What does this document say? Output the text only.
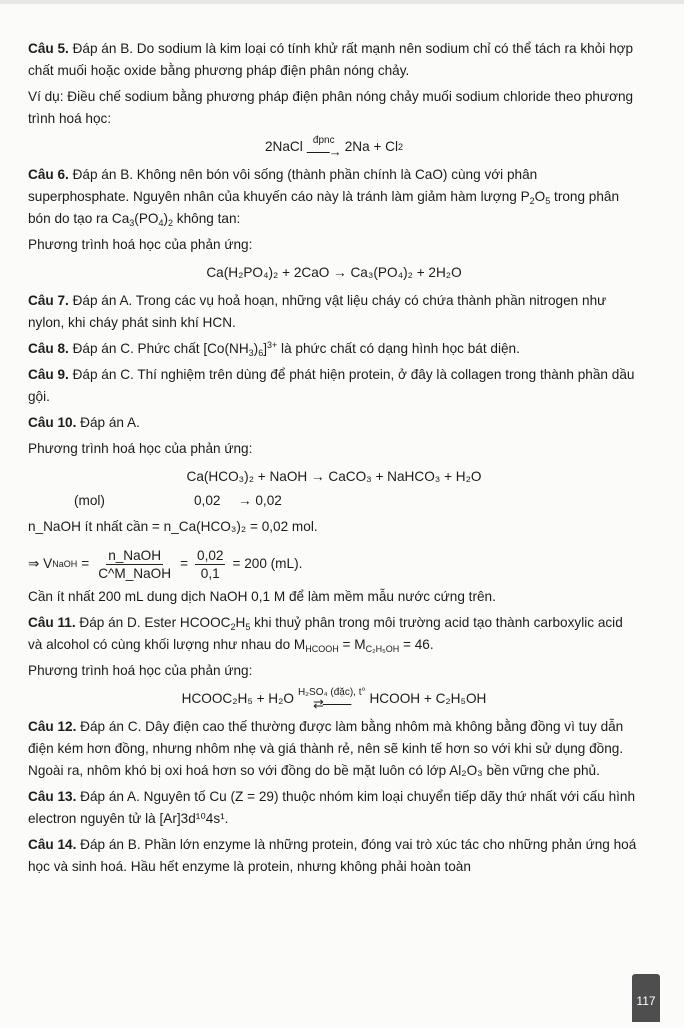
Câu 5. Đáp án B. Do sodium là kim loại có tính khử rất mạnh nên sodium chỉ có thể tách ra khỏi hợp chất muối hoặc oxide bằng phương pháp điện phân nóng chảy.

Ví dụ: Điều chế sodium bằng phương pháp điện phân nóng chảy muối sodium chloride theo phương trình hoá học:

2NaCl đpnc
⎯⎯⎯⎯→ 2Na + Cl 2

Câu 6. Đáp án B. Không nên bón vôi sống (thành phần chính là CaO) cùng với phân superphosphate. Nguyên nhân của khuyến cáo này là tránh làm giảm hàm lượng $P_2O_5$ trong phân bón do tạo ra $Ca_3(PO_4)_2$ không tan:

Phương trình hoá học của phản ứng:

Ca(H₂PO₄)₂ + 2CaO → Ca₃(PO₄)₂ + 2H₂O

Câu 7. Đáp án A. Trong các vụ hoả hoạn, những vật liệu cháy có chứa thành phần nitrogen như nylon, khi cháy phát sinh khí HCN.

Câu 8. Đáp án C. Phức chất $[Co(NH_3)_6]^{3+}$ là phức chất có dạng hình học bát diện.

Câu 9. Đáp án C. Thí nghiệm trên dùng để phát hiện protein, ở đây là collagen trong thành phần dầu gội.

Câu 10. Đáp án A.

Phương trình hoá học của phản ứng:

Ca(HCO₃)₂ + NaOH → CaCO₃ + NaHCO₃ + H₂O
(mol)	0,02 → 0,02

n_NaOH ít nhất cần = n_Ca(HCO₃)₂ = 0,02 mol.

⇒ V NaOH = $\frac{\text{n\_NaOH}}{\text{C\textasciicircum{}M\_NaOH}} = \frac{0,02}{0,1} = 200$ (mL).

Cần ít nhất 200 mL dung dịch NaOH 0,1 M để làm mềm mẫu nước cứng trên.

Câu 11. Đáp án D. Ester $HCOOC_2H_5$ khi thuỷ phân trong môi trường acid tạo thành carboxylic acid và alcohol có cùng khối lượng như nhau do $M_{HCOOH} = M_{C_2H_5OH} = 46$.

Phương trình hoá học của phản ứng:

HCOOC₂H₅ + H₂O H₂SO₄ (đặc), t°
⇄⎯⎯⎯⎯⎯ HCOOH + C₂H₅OH

Câu 12. Đáp án C. Dây điện cao thế thường được làm bằng nhôm mà không bằng đồng vì tuy dẫn điện kém hơn đồng, nhưng nhôm nhẹ và giá thành rẻ, nên sẽ kinh tế hơn so với khi sử dụng đồng. Ngoài ra, nhôm khó bị oxi hoá hơn so với đồng do bề mặt luôn có lớp Al₂O₃ bền vững che phủ.

Câu 13. Đáp án A. Nguyên tố Cu (Z = 29) thuộc nhóm kim loại chuyển tiếp dãy thứ nhất với cấu hình electron nguyên tử là [Ar]3d¹⁰4s¹.

Câu 14. Đáp án B. Phần lớn enzyme là những protein, đóng vai trò xúc tác cho những phản ứng hoá học và sinh hoá. Hầu hết enzyme là protein, nhưng không phải hoàn toàn

117
